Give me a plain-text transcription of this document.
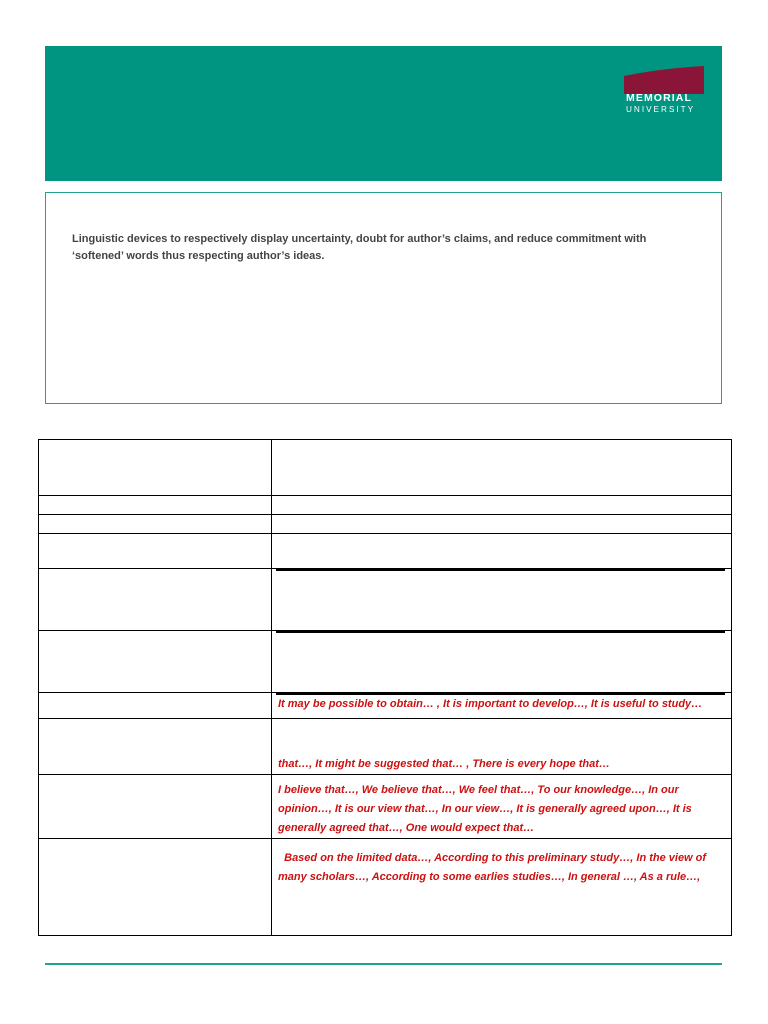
MEMORIAL
UNIVERSITY
Linguistic devices to respectively display uncertainty, doubt for author’s claims, and reduce commitment with ‘softened’ words thus respecting author’s ideas.

It may be possible to obtain… , It is important to develop…, It is useful to study…
	that…, It might be suggested that… , There is every hope that…
	I believe that…, We believe that…, We feel that…, To our knowledge…, In our opinion…, It is our view that…, In our view…, It is generally agreed upon…, It is generally agreed that…, One would expect that…
	Based on the limited data…, According to this preliminary study…, In the view of many scholars…, According to some earlies studies…, In general …, As a rule…,
